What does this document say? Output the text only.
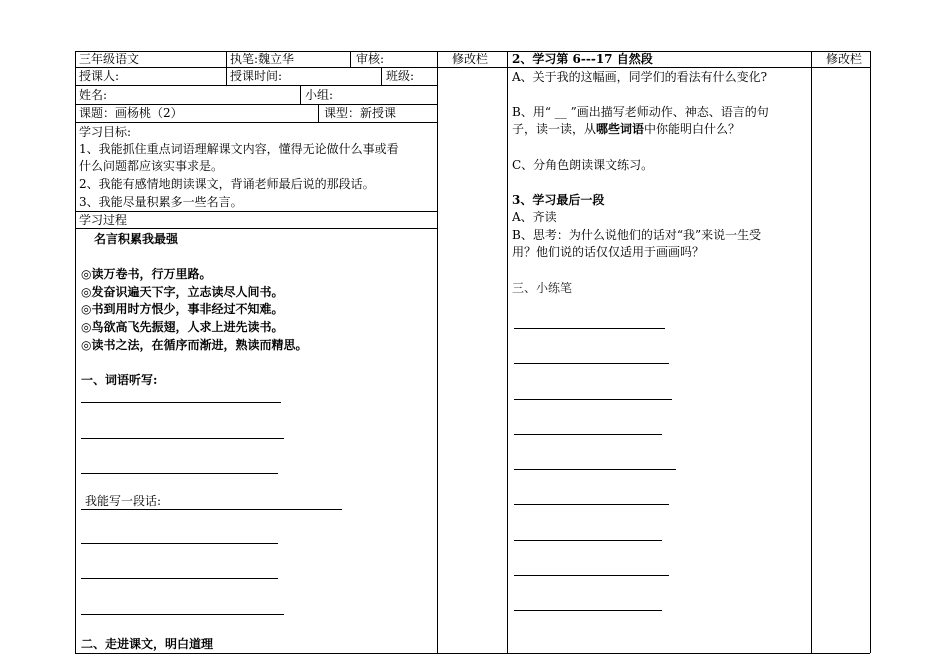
三年级语文	执笔:魏立华	审核:	修改栏
授课人:	授课时间:	班级:
姓名:	小组:
课题：画杨桃（2）	课型：新授课
学习目标:
1、我能抓住重点词语理解课文内容，懂得无论做什么事或看
什么问题都应该实事求是。
2、我能有感情地朗读课文，背诵老师最后说的那段话。
3、我能尽量积累多一些名言。
学习过程
名言积累我最强
◎读万卷书，行万里路。
◎发奋识遍天下字，立志读尽人间书。
◎书到用时方恨少，事非经过不知难。
◎鸟欲高飞先振翅，人求上进先读书。
◎读书之法，在循序而渐进，熟读而精思。
一、词语听写:
我能写一段话:
二、走进课文，明白道理
2、学习第 6---17 自然段	修改栏
A、关于我的这幅画，同学们的看法有什么变化?
B、用“ __ ”画出描写老师动作、神态、语言的句
子，读一读，从哪些词语中你能明白什么？
C、分角色朗读课文练习。
3、学习最后一段
A、齐读
B、思考：为什么说他们的话对“我”来说一生受
用？他们说的话仅仅适用于画画吗？
三、小练笔
